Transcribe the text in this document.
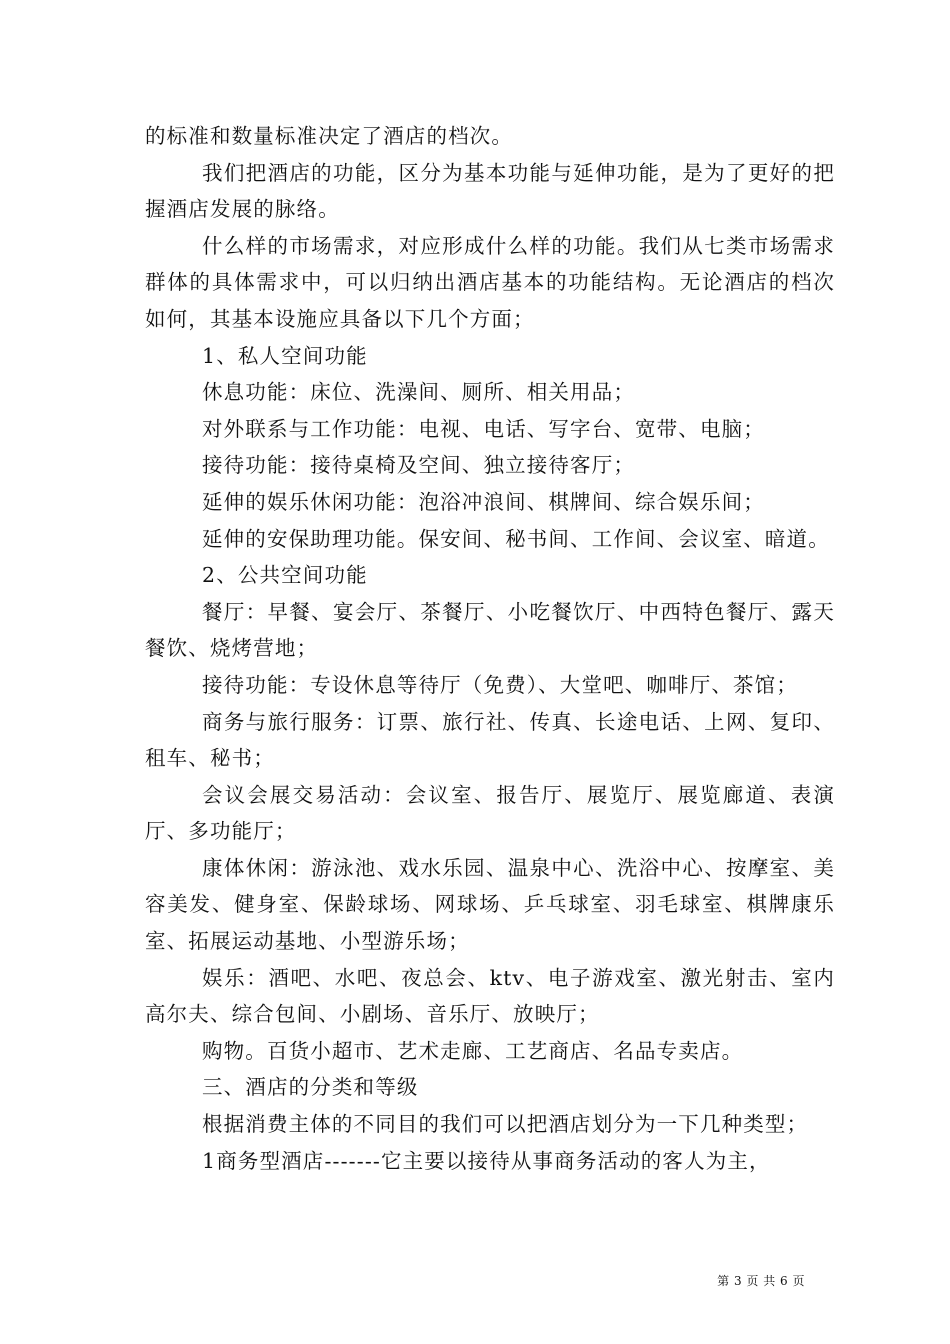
的标准和数量标准决定了酒店的档次。

我们把酒店的功能，区分为基本功能与延伸功能，是为了更好的把握酒店发展的脉络。

什么样的市场需求，对应形成什么样的功能。我们从七类市场需求群体的具体需求中，可以归纳出酒店基本的功能结构。无论酒店的档次如何，其基本设施应具备以下几个方面；

1、私人空间功能

休息功能：床位、洗澡间、厕所、相关用品；

对外联系与工作功能：电视、电话、写字台、宽带、电脑；

接待功能：接待桌椅及空间、独立接待客厅；

延伸的娱乐休闲功能：泡浴冲浪间、棋牌间、综合娱乐间；

延伸的安保助理功能。保安间、秘书间、工作间、会议室、暗道。

2、公共空间功能

餐厅：早餐、宴会厅、茶餐厅、小吃餐饮厅、中西特色餐厅、露天餐饮、烧烤营地；

接待功能：专设休息等待厅（免费）、大堂吧、咖啡厅、茶馆；

商务与旅行服务：订票、旅行社、传真、长途电话、上网、复印、租车、秘书；

会议会展交易活动：会议室、报告厅、展览厅、展览廊道、表演厅、多功能厅；

康体休闲：游泳池、戏水乐园、温泉中心、洗浴中心、按摩室、美容美发、健身室、保龄球场、网球场、乒乓球室、羽毛球室、棋牌康乐室、拓展运动基地、小型游乐场；

娱乐：酒吧、水吧、夜总会、ktv、电子游戏室、激光射击、室内高尔夫、综合包间、小剧场、音乐厅、放映厅；

购物。百货小超市、艺术走廊、工艺商店、名品专卖店。

三、酒店的分类和等级

根据消费主体的不同目的我们可以把酒店划分为一下几种类型；

1商务型酒店-------它主要以接待从事商务活动的客人为主，

第 3 页 共 6 页
